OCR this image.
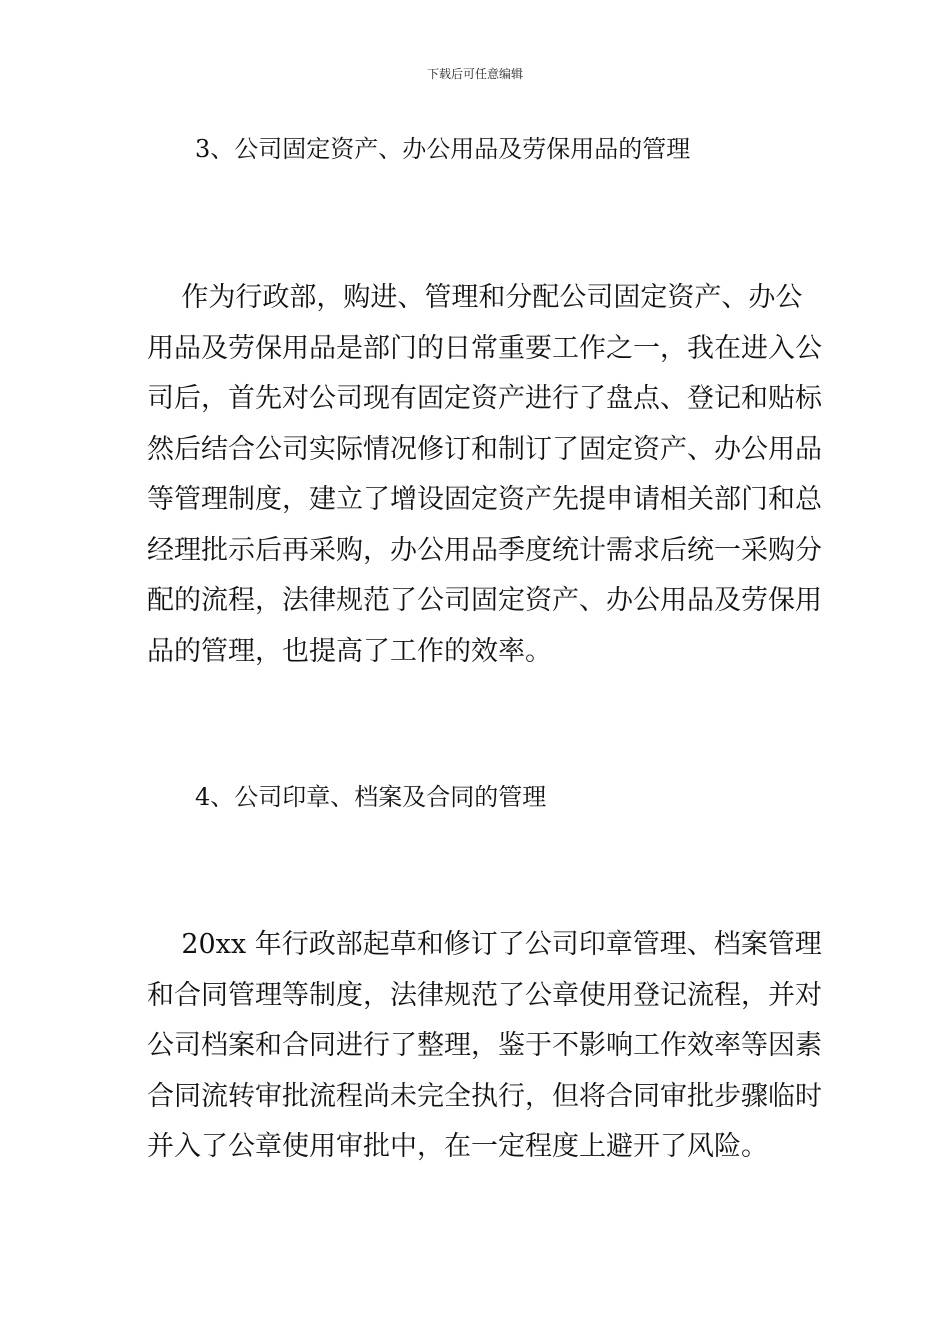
下载后可任意编辑
3、公司固定资产、办公用品及劳保用品的管理
作为行政部，购进、管理和分配公司固定资产、办公
用品及劳保用品是部门的日常重要工作之一，我在进入公
司后，首先对公司现有固定资产进行了盘点、登记和贴标
然后结合公司实际情况修订和制订了固定资产、办公用品
等管理制度，建立了增设固定资产先提申请相关部门和总
经理批示后再采购，办公用品季度统计需求后统一采购分
配的流程，法律规范了公司固定资产、办公用品及劳保用
品的管理，也提高了工作的效率。
4、公司印章、档案及合同的管理
20xx 年行政部起草和修订了公司印章管理、档案管理
和合同管理等制度，法律规范了公章使用登记流程，并对
公司档案和合同进行了整理，鉴于不影响工作效率等因素
合同流转审批流程尚未完全执行，但将合同审批步骤临时
并入了公章使用审批中，在一定程度上避开了风险。
